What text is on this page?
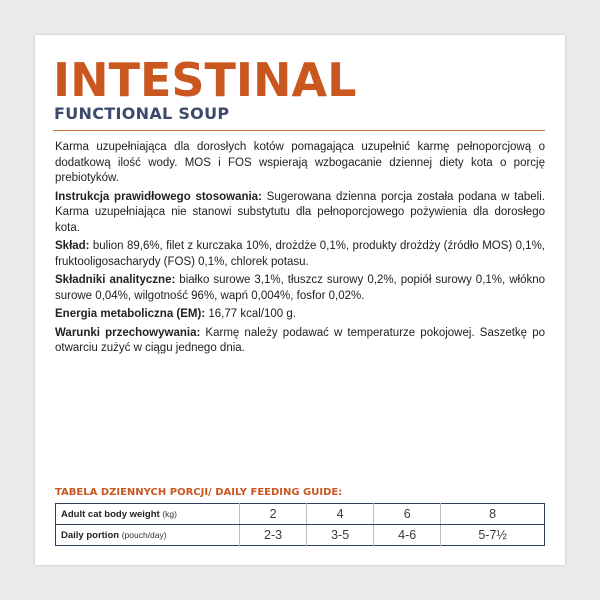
INTESTINAL
FUNCTIONAL SOUP

Karma uzupełniająca dla dorosłych kotów pomagająca uzupełnić karmę pełnoporcjową o dodatkową ilość wody. MOS i FOS wspierają wzbogacanie dziennej diety kota o porcję prebiotyków.

Instrukcja prawidłowego stosowania: Sugerowana dzienna porcja została podana w tabeli. Karma uzupełniająca nie stanowi substytutu dla pełnoporcjowego pożywienia dla dorosłego kota.

Skład: bulion 89,6%, filet z kurczaka 10%, drożdże 0,1%, produkty drożdży (źródło MOS) 0,1%, fruktooligosacharydy (FOS) 0,1%, chlorek potasu.

Składniki analityczne: białko surowe 3,1%, tłuszcz surowy 0,2%, popiół surowy 0,1%, włókno surowe 0,04%, wilgotność 96%, wapń 0,004%, fosfor 0,02%.

Energia metaboliczna (EM): 16,77 kcal/100 g.

Warunki przechowywania: Karmę należy podawać w temperaturze pokojowej. Saszetkę po otwarciu zużyć w ciągu jednego dnia.

TABELA DZIENNYCH PORCJI/ DAILY FEEDING GUIDE:
Adult cat body weight (kg)	2	4	6	8
Daily portion (pouch/day)	2-3	3-5	4-6	5-7½
